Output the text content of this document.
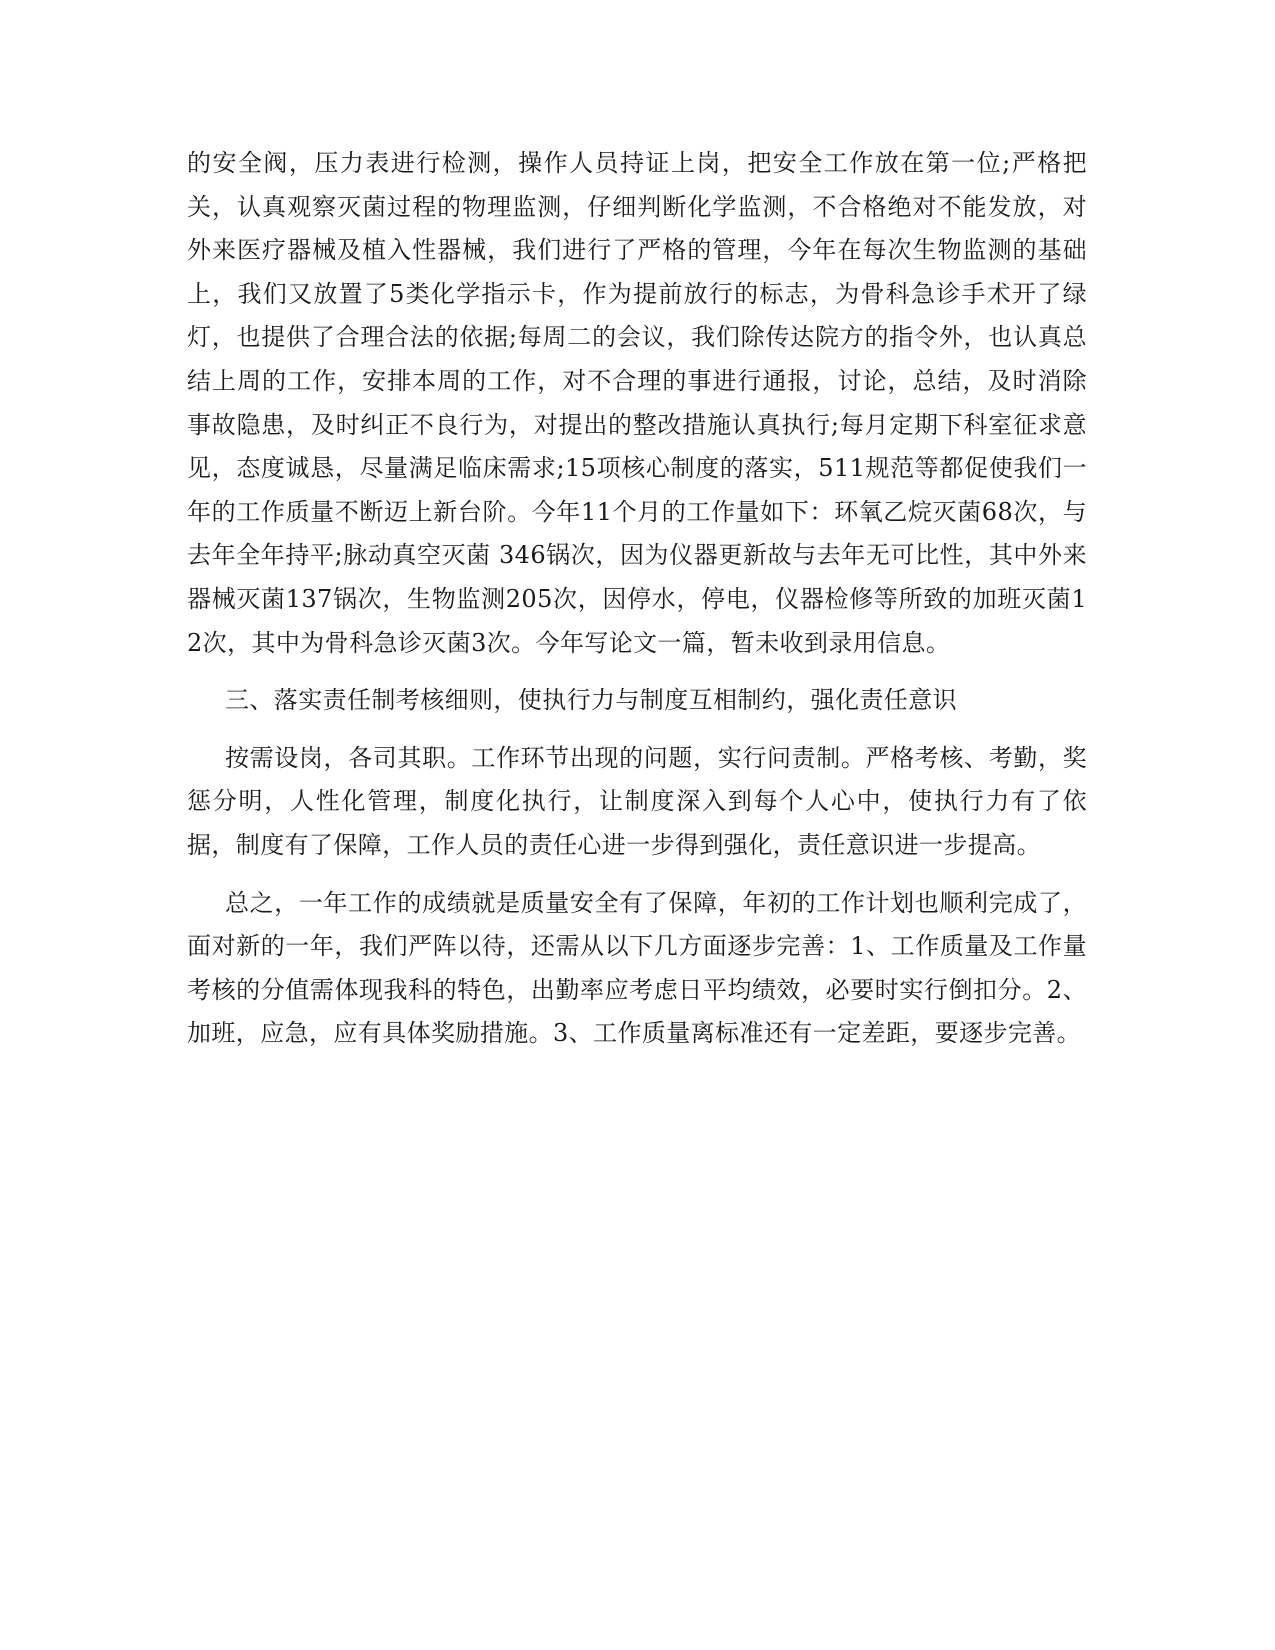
的安全阀，压力表进行检测，操作人员持证上岗，把安全工作放在第一位;严格把关，认真观察灭菌过程的物理监测，仔细判断化学监测，不合格绝对不能发放，对外来医疗器械及植入性器械，我们进行了严格的管理，今年在每次生物监测的基础上，我们又放置了5类化学指示卡，作为提前放行的标志，为骨科急诊手术开了绿灯，也提供了合理合法的依据;每周二的会议，我们除传达院方的指令外，也认真总结上周的工作，安排本周的工作，对不合理的事进行通报，讨论，总结，及时消除事故隐患，及时纠正不良行为，对提出的整改措施认真执行;每月定期下科室征求意见，态度诚恳，尽量满足临床需求;15项核心制度的落实，511规范等都促使我们一年的工作质量不断迈上新台阶。今年11个月的工作量如下：环氧乙烷灭菌68次，与去年全年持平;脉动真空灭菌 346锅次，因为仪器更新故与去年无可比性，其中外来器械灭菌137锅次，生物监测205次，因停水，停电，仪器检修等所致的加班灭菌12次，其中为骨科急诊灭菌3次。今年写论文一篇，暂未收到录用信息。

三、落实责任制考核细则，使执行力与制度互相制约，强化责任意识

按需设岗，各司其职。工作环节出现的问题，实行问责制。严格考核、考勤，奖惩分明，人性化管理，制度化执行，让制度深入到每个人心中，使执行力有了依据，制度有了保障，工作人员的责任心进一步得到强化，责任意识进一步提高。

总之，一年工作的成绩就是质量安全有了保障，年初的工作计划也顺利完成了，面对新的一年，我们严阵以待，还需从以下几方面逐步完善：1、工作质量及工作量考核的分值需体现我科的特色，出勤率应考虑日平均绩效，必要时实行倒扣分。2、加班，应急，应有具体奖励措施。3、工作质量离标准还有一定差距，要逐步完善。
